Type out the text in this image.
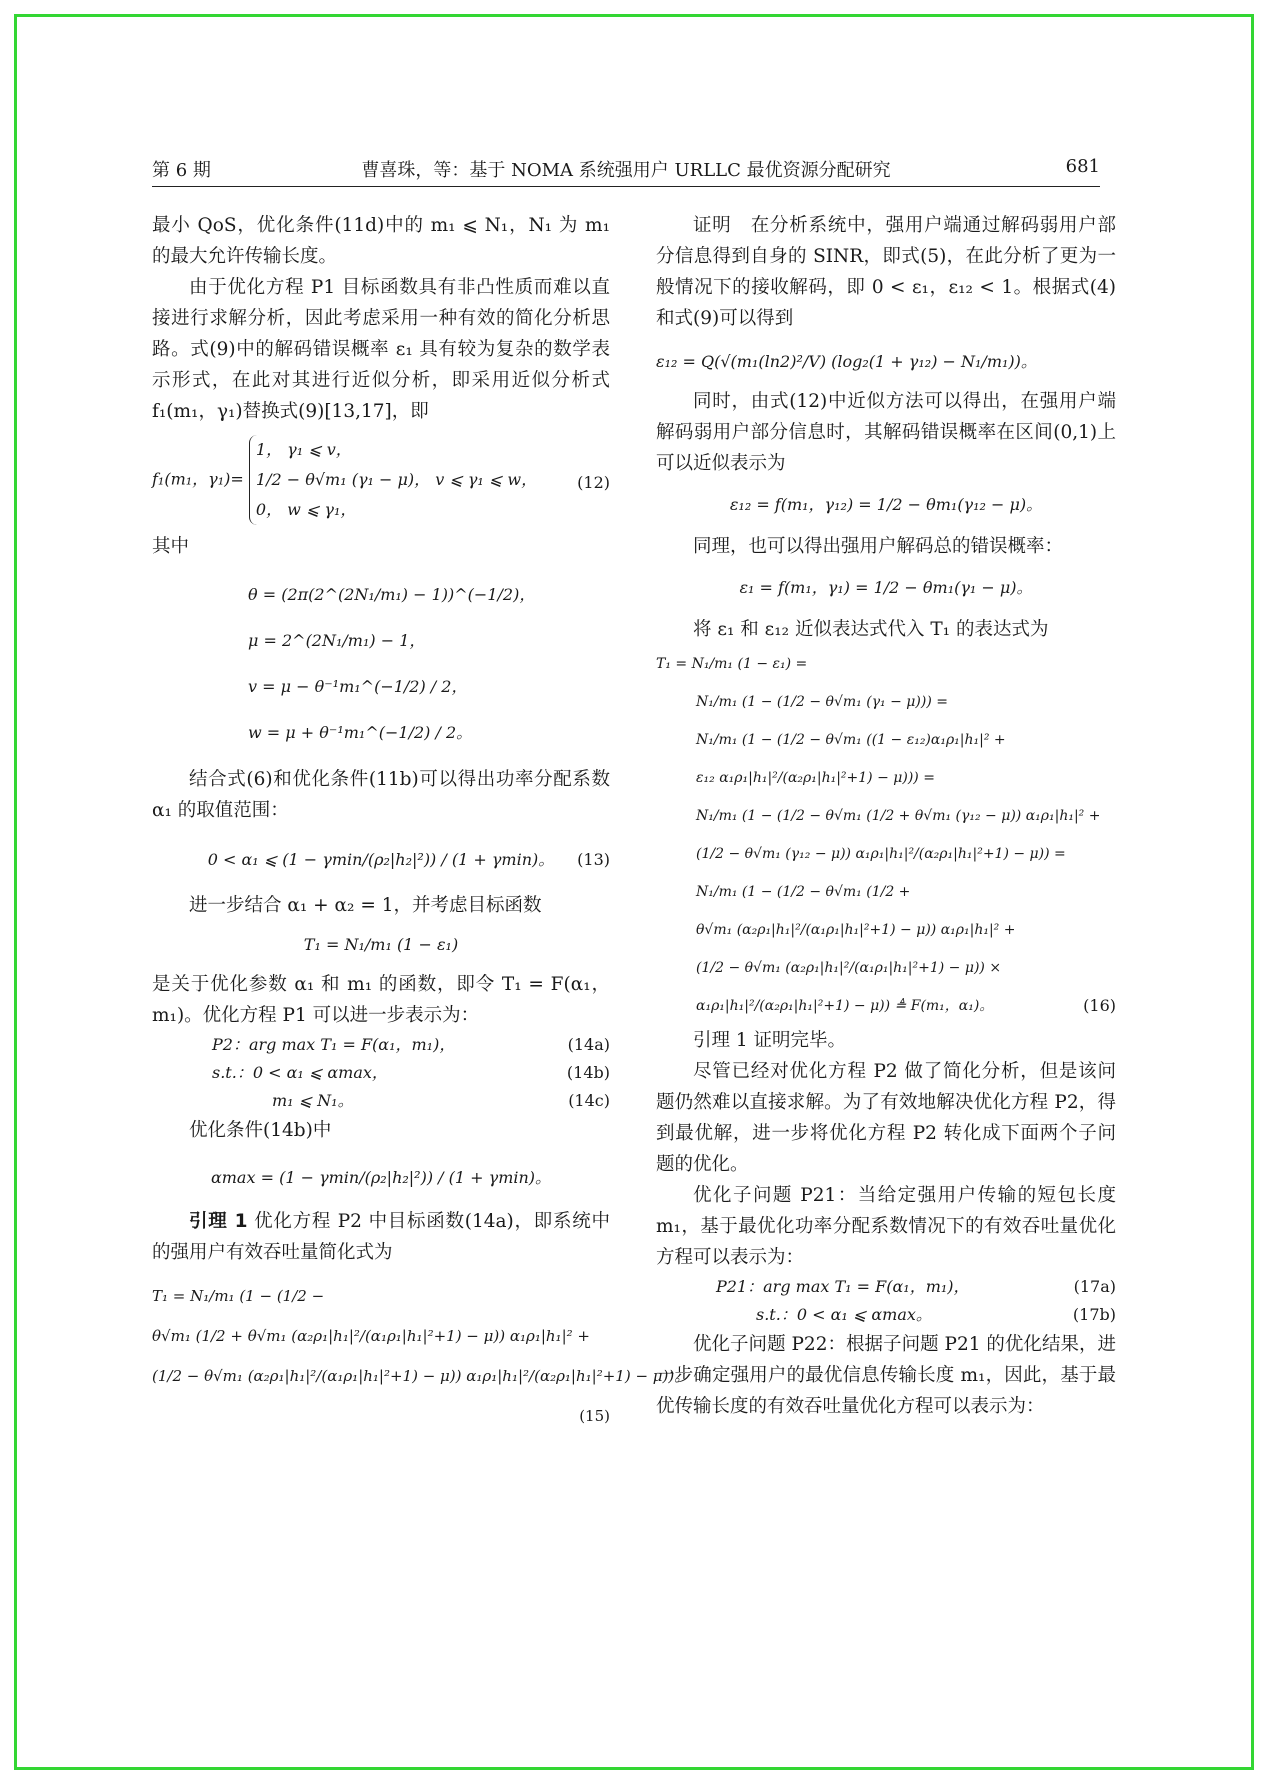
第 6 期	曹喜珠，等：基于 NOMA 系统强用户 URLLC 最优资源分配研究	681

最小 QoS，优化条件(11d)中的 m₁ ⩽ N₁，N₁ 为 m₁ 的最大允许传输长度。

由于优化方程 P1 目标函数具有非凸性质而难以直接进行求解分析，因此考虑采用一种有效的简化分析思路。式(9)中的解码错误概率 ε₁ 具有较为复杂的数学表示形式，在此对其进行近似分析，即采用近似分析式 f₁(m₁，γ₁)替换式(9)[13,17]，即

f₁(m₁，γ₁)=
1， γ₁ ⩽ v，
1/2 − θ√m₁ (γ₁ − μ)， v ⩽ γ₁ ⩽ w，
0， w ⩽ γ₁，
(12)

其中

θ = (2π(2^(2N₁/m₁) − 1))^(−1/2)，
μ = 2^(2N₁/m₁) − 1，
v = μ − θ⁻¹m₁^(−1/2) / 2，
w = μ + θ⁻¹m₁^(−1/2) / 2。

结合式(6)和优化条件(11b)可以得出功率分配系数 α₁ 的取值范围：

0 < α₁ ⩽ (1 − γmin/(ρ₂|h₂|²)) / (1 + γmin)。 (13)

进一步结合 α₁ + α₂ = 1，并考虑目标函数

T₁ = N₁/m₁ (1 − ε₁)

是关于优化参数 α₁ 和 m₁ 的函数，即令 T₁ = F(α₁，m₁)。优化方程 P1 可以进一步表示为：

P2：arg max T₁ = F(α₁，m₁)，	(14a)
s.t.：0 < α₁ ⩽ αmax，	(14b)
m₁ ⩽ N₁。	(14c)

优化条件(14b)中

αmax = (1 − γmin/(ρ₂|h₂|²)) / (1 + γmin)。

引理 1 优化方程 P2 中目标函数(14a)，即系统中的强用户有效吞吐量简化式为

T₁ = N₁/m₁ (1 − (1/2 −
θ√m₁ (1/2 + θ√m₁ (α₂ρ₁|h₁|²/(α₁ρ₁|h₁|²+1) − μ)) α₁ρ₁|h₁|² +
(1/2 − θ√m₁ (α₂ρ₁|h₁|²/(α₁ρ₁|h₁|²+1) − μ)) α₁ρ₁|h₁|²/(α₂ρ₁|h₁|²+1) − μ))。
(15)

证明　在分析系统中，强用户端通过解码弱用户部分信息得到自身的 SINR，即式(5)，在此分析了更为一般情况下的接收解码，即 0 < ε₁，ε₁₂ < 1。根据式(4)和式(9)可以得到

ε₁₂ = Q(√(m₁(ln2)²/V) (log₂(1 + γ₁₂) − N₁/m₁))。

同时，由式(12)中近似方法可以得出，在强用户端解码弱用户部分信息时，其解码错误概率在区间(0,1)上可以近似表示为

ε₁₂ = f(m₁，γ₁₂) = 1/2 − θm₁(γ₁₂ − μ)。

同理，也可以得出强用户解码总的错误概率：

ε₁ = f(m₁，γ₁) = 1/2 − θm₁(γ₁ − μ)。

将 ε₁ 和 ε₁₂ 近似表达式代入 T₁ 的表达式为

T₁ = N₁/m₁ (1 − ε₁) =
N₁/m₁ (1 − (1/2 − θ√m₁ (γ₁ − μ))) =
N₁/m₁ (1 − (1/2 − θ√m₁ ((1 − ε₁₂)α₁ρ₁|h₁|² +
ε₁₂ α₁ρ₁|h₁|²/(α₂ρ₁|h₁|²+1) − μ))) =
N₁/m₁ (1 − (1/2 − θ√m₁ (1/2 + θ√m₁ (γ₁₂ − μ)) α₁ρ₁|h₁|² +
(1/2 − θ√m₁ (γ₁₂ − μ)) α₁ρ₁|h₁|²/(α₂ρ₁|h₁|²+1) − μ)) =
N₁/m₁ (1 − (1/2 − θ√m₁ (1/2 +
θ√m₁ (α₂ρ₁|h₁|²/(α₁ρ₁|h₁|²+1) − μ)) α₁ρ₁|h₁|² +
(1/2 − θ√m₁ (α₂ρ₁|h₁|²/(α₁ρ₁|h₁|²+1) − μ)) ×
α₁ρ₁|h₁|²/(α₂ρ₁|h₁|²+1) − μ)) ≜ F(m₁，α₁)。	(16)

引理 1 证明完毕。

尽管已经对优化方程 P2 做了简化分析，但是该问题仍然难以直接求解。为了有效地解决优化方程 P2，得到最优解，进一步将优化方程 P2 转化成下面两个子问题的优化。

优化子问题 P21：当给定强用户传输的短包长度 m₁，基于最优化功率分配系数情况下的有效吞吐量优化方程可以表示为：

P21：arg max T₁ = F(α₁，m₁)，	(17a)
s.t.：0 < α₁ ⩽ αmax。	(17b)

优化子问题 P22：根据子问题 P21 的优化结果，进一步确定强用户的最优信息传输长度 m₁，因此，基于最优传输长度的有效吞吐量优化方程可以表示为：
